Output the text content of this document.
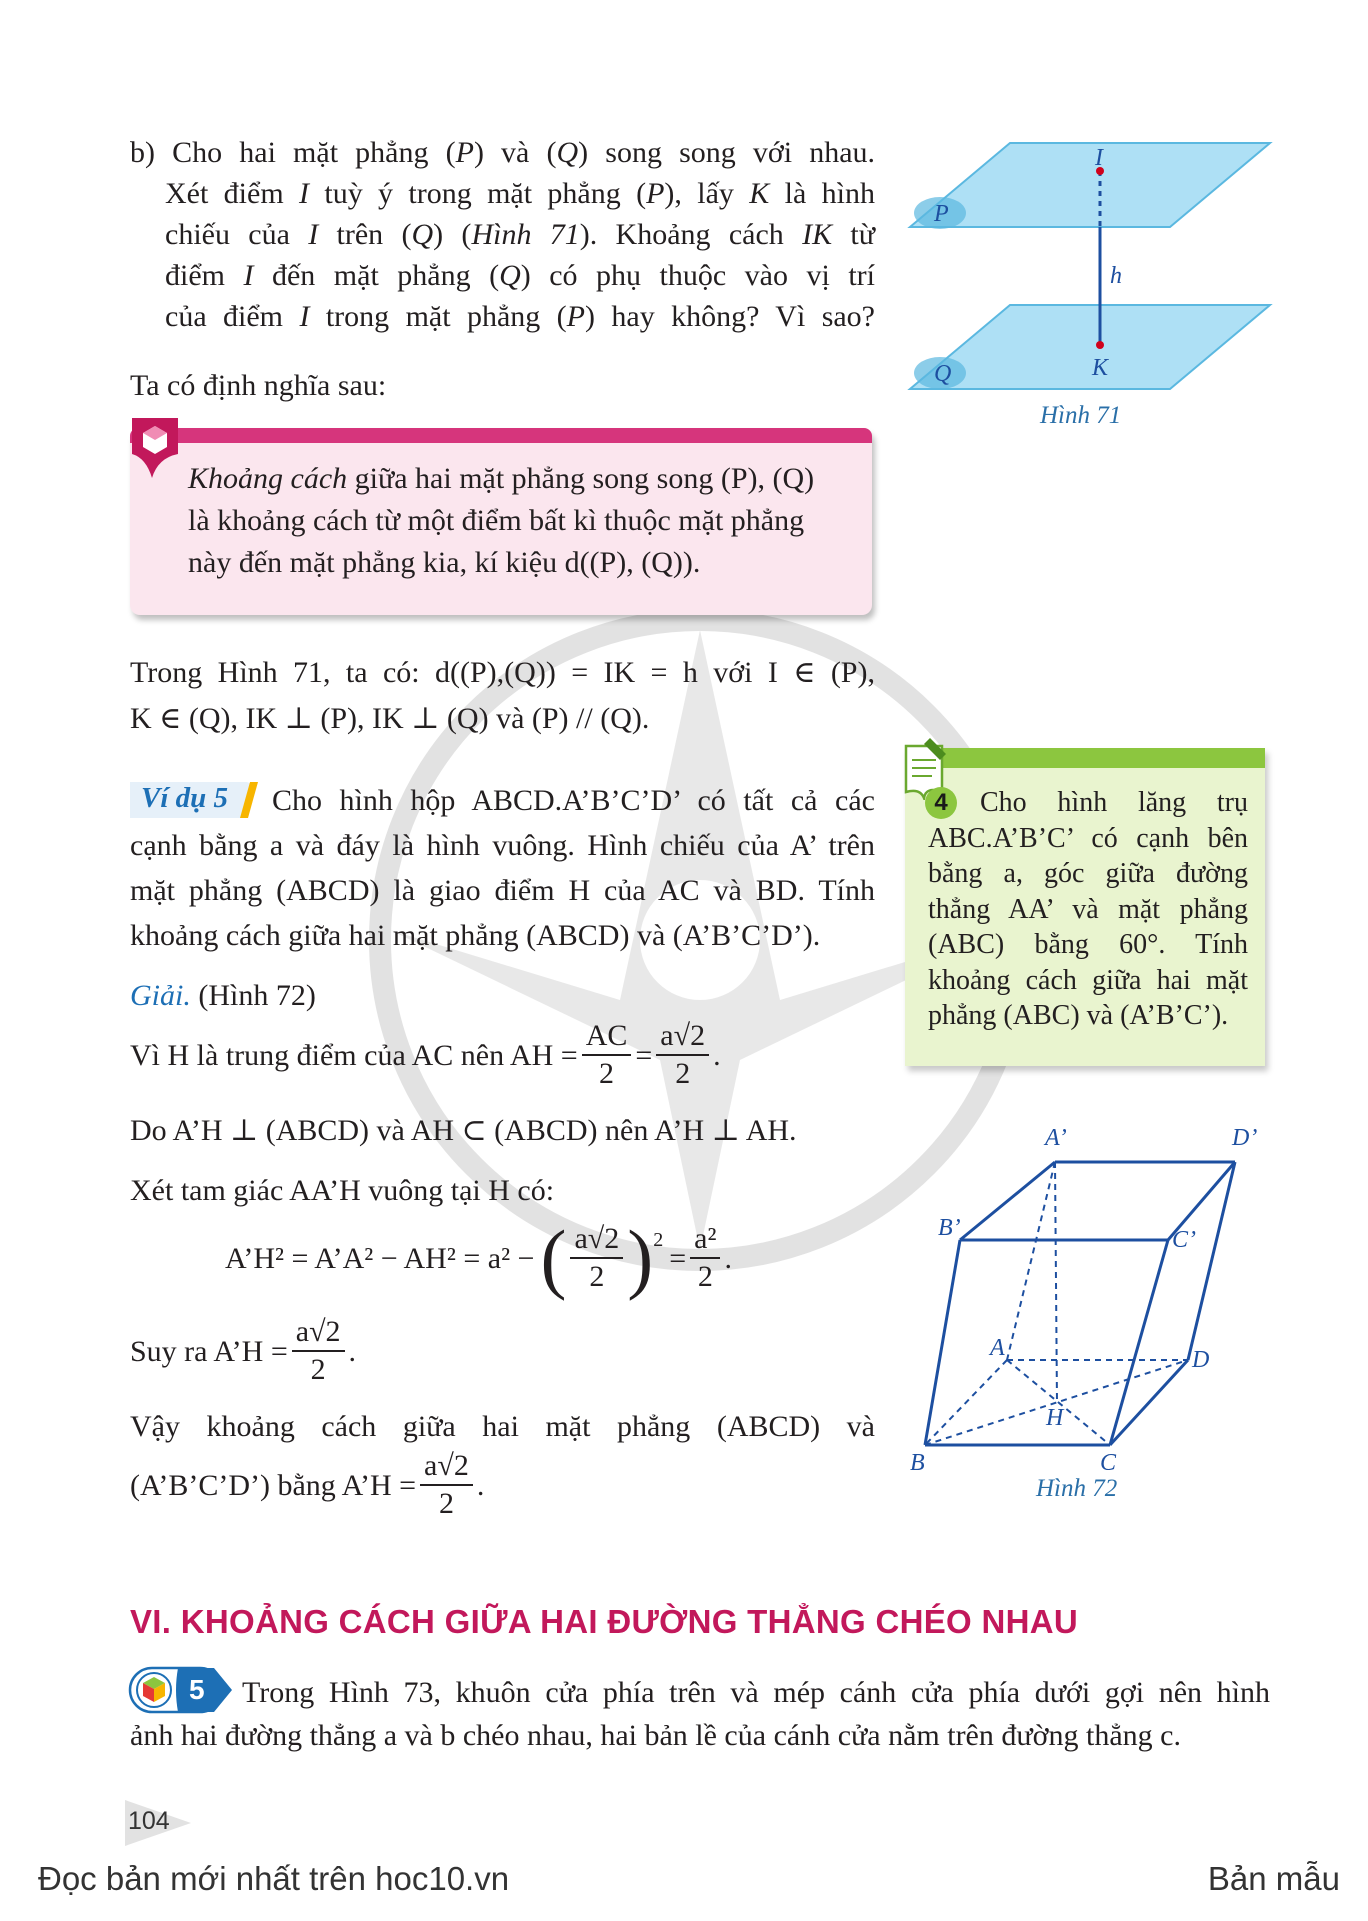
b) Cho hai mặt phẳng (P) và (Q) song song với nhau.
Xét điểm I tuỳ ý trong mặt phẳng (P), lấy K là hình
chiếu của I trên (Q) (Hình 71). Khoảng cách IK từ
điểm I đến mặt phẳng (Q) có phụ thuộc vào vị trí
của điểm I trong mặt phẳng (P) hay không? Vì sao?
P
Q
I
K
h
Hình 71
Ta có định nghĩa sau:
Khoảng cách giữa hai mặt phẳng song song (P), (Q)
là khoảng cách từ một điểm bất kì thuộc mặt phẳng
này đến mặt phẳng kia, kí kiệu d((P), (Q)).
Trong Hình 71, ta có: d((P),(Q)) = IK = h với I ∈ (P),
K ∈ (Q), IK ⊥ (P), IK ⊥ (Q) và (P) // (Q).
Ví dụ 5	Cho hình hộp ABCD.A’B’C’D’ có tất cả các
cạnh bằng a và đáy là hình vuông. Hình chiếu của A’ trên
mặt phẳng (ABCD) là giao điểm H của AC và BD. Tính
khoảng cách giữa hai mặt phẳng (ABCD) và (A’B’C’D’).
Giải. (Hình 72)
Vì H là trung điểm của AC nên AH = $\frac{AC}{2} = \frac{a√2}{2}$ .
Do A’H ⊥ (ABCD) và AH ⊂ (ABCD) nên A’H ⊥ AH.
Xét tam giác AA’H vuông tại H có:
A’H² = A’A² − AH² = a² − ( $\frac{a√2}{2} )^2$
= $\frac{\text{a²}}{2}$ .
Suy ra A’H = $\frac{a√2}{2}$ .
Vậy khoảng cách giữa hai mặt phẳng (ABCD) và
(A’B’C’D’) bằng A’H = $\frac{a√2}{2}$ .
4	Cho hình lăng trụ
ABC.A’B’C’ có cạnh bên
bằng a, góc giữa đường
thẳng AA’ và mặt phẳng
(ABC) bằng 60°. Tính
khoảng cách giữa hai mặt
phẳng (ABC) và (A’B’C’).
A’	D’
B’	C’
A	D
H
B	C
Hình 72
VI. KHOẢNG CÁCH GIỮA HAI ĐƯỜNG THẲNG CHÉO NHAU
5	Trong Hình 73, khuôn cửa phía trên và mép cánh cửa phía dưới gợi nên hình
ảnh hai đường thẳng a và b chéo nhau, hai bản lề của cánh cửa nằm trên đường thẳng c.
104
Đọc bản mới nhất trên hoc10.vn	Bản mẫu
